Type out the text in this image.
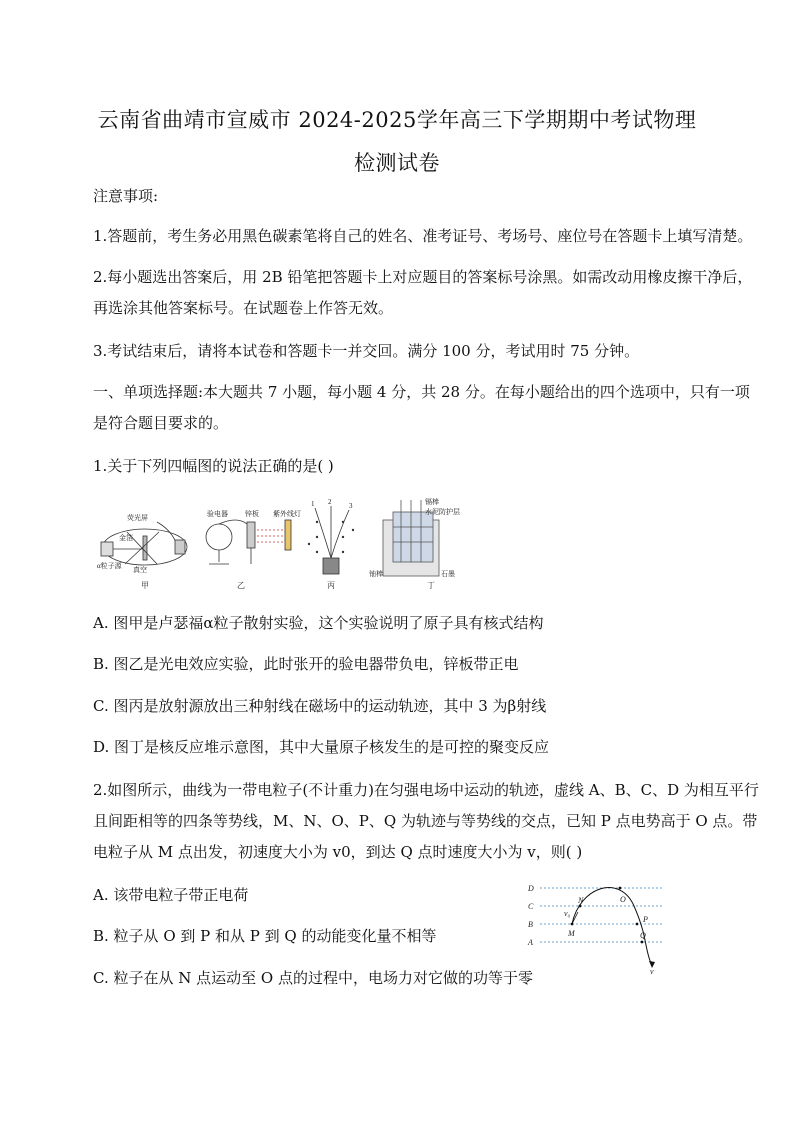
云南省曲靖市宣威市 2024-2025学年高三下学期期中考试物理
检测试卷
注意事项:
1.答题前，考生务必用黑色碳素笔将自己的姓名、准考证号、考场号、座位号在答题卡上填写清楚。
2.每小题选出答案后，用 2B 铅笔把答题卡上对应题目的答案标号涂黑。如需改动用橡皮擦干净后，
再选涂其他答案标号。在试题卷上作答无效。
3.考试结束后，请将本试卷和答题卡一并交回。满分 100 分，考试用时 75 分钟。
一、单项选择题:本大题共 7 小题，每小题 4 分，共 28 分。在每小题给出的四个选项中，只有一项
是符合题目要求的。
1.关于下列四幅图的说法正确的是( )
荧光屏
金箔
真空
α粒子源
甲
验电器 锌板 紫外线灯
乙
1 2	3
丙
镉棒
水泥防护层
铀棒	石墨
丁
A. 图甲是卢瑟福α粒子散射实验，这个实验说明了原子具有核式结构
B. 图乙是光电效应实验，此时张开的验电器带负电，锌板带正电
C. 图丙是放射源放出三种射线在磁场中的运动轨迹，其中 3 为β射线
D. 图丁是核反应堆示意图，其中大量原子核发生的是可控的聚变反应
2.如图所示，曲线为一带电粒子(不计重力)在匀强电场中运动的轨迹，虚线 A、B、C、D 为相互平行
且间距相等的四条等势线，M、N、O、P、Q 为轨迹与等势线的交点，已知 P 点电势高于 O 点。带
电粒子从 M 点出发，初速度大小为 v0，到达 Q 点时速度大小为 v，则( )
A. 该带电粒子带正电荷
B. 粒子从 O 到 P 和从 P 到 Q 的动能变化量不相等
C. 粒子在从 N 点运动至 O 点的过程中，电场力对它做的功等于零
D
C
B
A
M
N	O
P
Q
v₀
v
